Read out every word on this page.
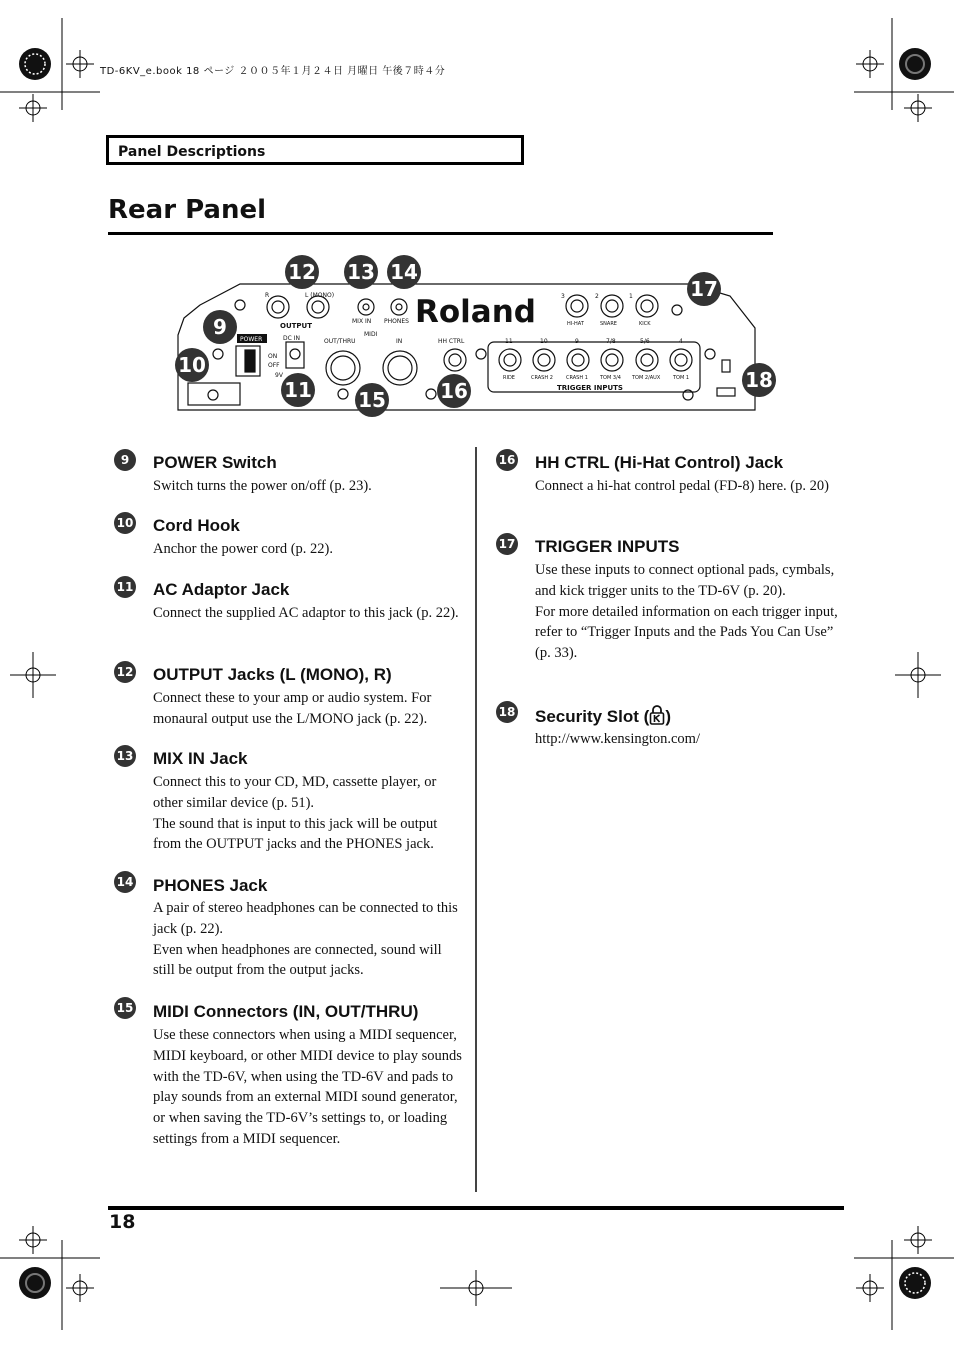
TD-6KV_e.book 18 ページ ２００５年１月２４日 月曜日 午後７時４分
Panel Descriptions
Rear Panel
Roland
POWER
ON
OFF
DC IN
9V
R	L (MONO)
OUTPUT
MIX IN PHONES
MIDI
OUT/THRU	IN	HH CTRL
TRIGGER INPUTS
3
HI-HAT
2
SNARE
1
KICK
11
RIDE
10
CRASH 2
9
CRASH 1
7/8
TOM 3/4
5/6
TOM 2/AUX
4
TOM 1
9
10
11
12 13 14
15	16
17
18
9	POWER Switch

Switch turns the power on/off (p. 23).

10 Cord Hook

Anchor the power cord (p. 22).

11 AC Adaptor Jack

Connect the supplied AC adaptor to this jack (p. 22).

12 OUTPUT Jacks (L (MONO), R)

Connect these to your amp or audio system. For monaural output use the L/MONO jack (p. 22).

13 MIX IN Jack

Connect this to your CD, MD, cassette player, or other similar device (p. 51).

The sound that is input to this jack will be output from the OUTPUT jacks and the PHONES jack.

14 PHONES Jack

A pair of stereo headphones can be connected to this jack (p. 22).

Even when headphones are connected, sound will still be output from the output jacks.

15 MIDI Connectors (IN, OUT/THRU)

Use these connectors when using a MIDI sequencer, MIDI keyboard, or other MIDI device to play sounds with the TD-6V, when using the TD-6V and pads to play sounds from an external MIDI sound generator, or when saving the TD-6V’s settings to, or loading settings from a MIDI sequencer.

16 HH CTRL (Hi-Hat Control) Jack

Connect a hi-hat control pedal (FD-8) here. (p. 20)

17 TRIGGER INPUTS

Use these inputs to connect optional pads, cymbals, and kick trigger units to the TD-6V (p. 20).

For more detailed information on each trigger input, refer to “Trigger Inputs and the Pads You Can Use” (p. 33).

18 Security Slot ( )

http://www.kensington.com/

18
